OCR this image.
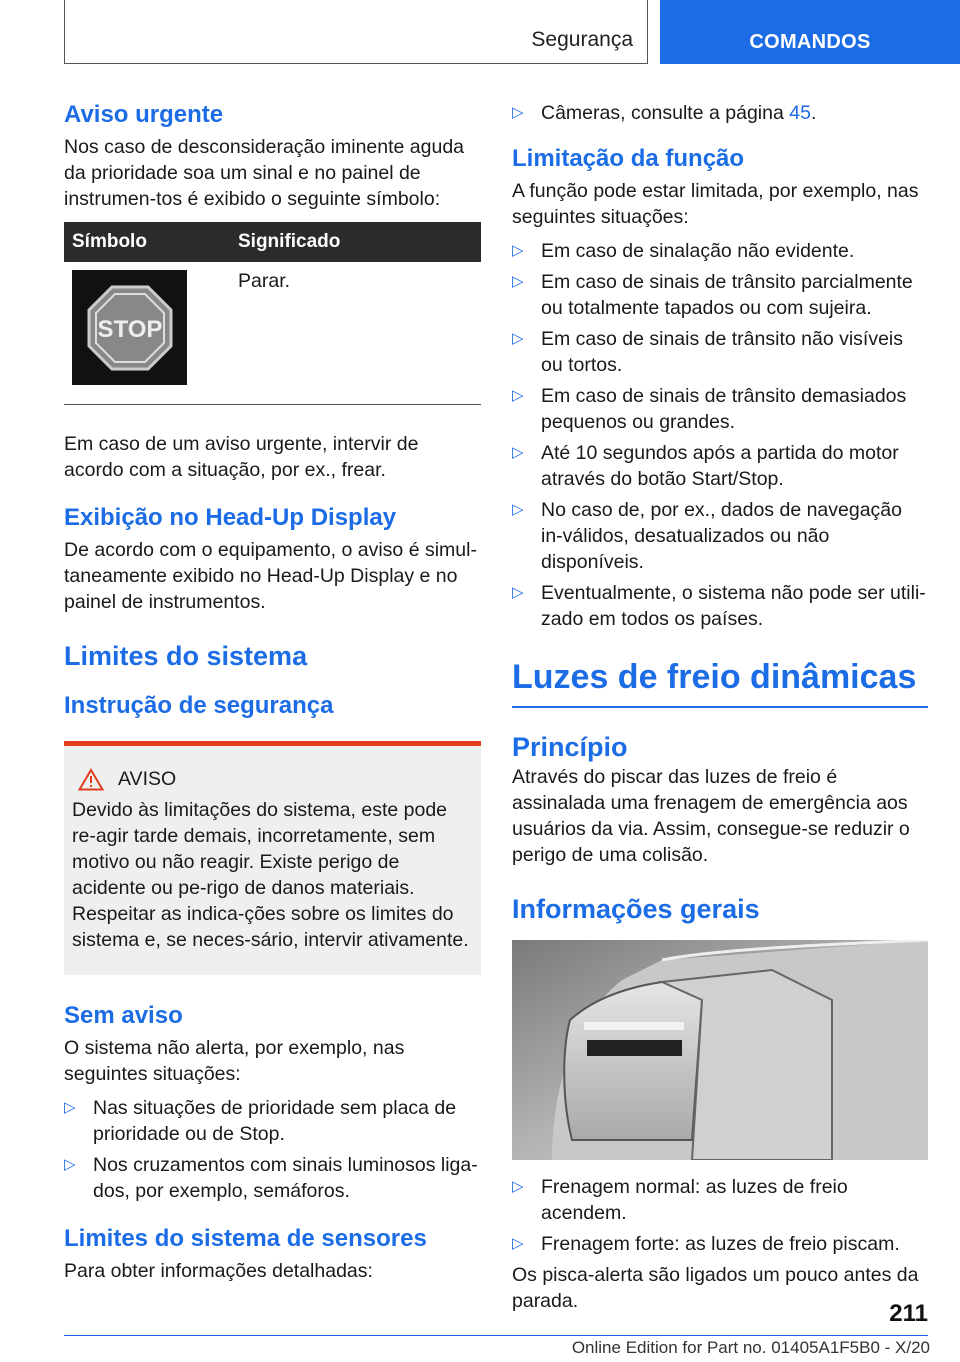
Segurança	COMANDOS
Aviso urgente

Nos caso de desconsideração iminente aguda da prioridade soa um sinal e no painel de instrumen‐tos é exibido o seguinte símbolo:

Símbolo	Significado

STOP	Parar.

Em caso de um aviso urgente, intervir de acordo com a situação, por ex., frear.

Exibição no Head-Up Display

De acordo com o equipamento, o aviso é simul‐taneamente exibido no Head-Up Display e no painel de instrumentos.

Limites do sistema
Instrução de segurança
AVISO

Devido às limitações do sistema, este pode re‐agir tarde demais, incorretamente, sem motivo ou não reagir. Existe perigo de acidente ou pe‐rigo de danos materiais. Respeitar as indica‐ções sobre os limites do sistema e, se neces‐sário, intervir ativamente.

Sem aviso

O sistema não alerta, por exemplo, nas seguintes situações:

▷ Nas situações de prioridade sem placa de prioridade ou de Stop.
▷ Nos cruzamentos com sinais luminosos liga‐dos, por exemplo, semáforos.
Limites do sistema de sensores

Para obter informações detalhadas:

▷ Câmeras, consulte a página 45.
Limitação da função

A função pode estar limitada, por exemplo, nas seguintes situações:

▷ Em caso de sinalação não evidente.
▷ Em caso de sinais de trânsito parcialmente ou totalmente tapados ou com sujeira.
▷ Em caso de sinais de trânsito não visíveis ou tortos.
▷ Em caso de sinais de trânsito demasiados pequenos ou grandes.
▷ Até 10 segundos após a partida do motor através do botão Start/Stop.
▷ No caso de, por ex., dados de navegação in‐válidos, desatualizados ou não disponíveis.
▷ Eventualmente, o sistema não pode ser utili‐zado em todos os países.
Luzes de freio dinâmicas
Princípio

Através do piscar das luzes de freio é assinalada uma frenagem de emergência aos usuários da via. Assim, consegue-se reduzir o perigo de uma colisão.

Informações gerais
▷ Frenagem normal: as luzes de freio acendem.
▷ Frenagem forte: as luzes de freio piscam.

Os pisca-alerta são ligados um pouco antes da parada.	211
Online Edition for Part no. 01405A1F5B0 - X/20
